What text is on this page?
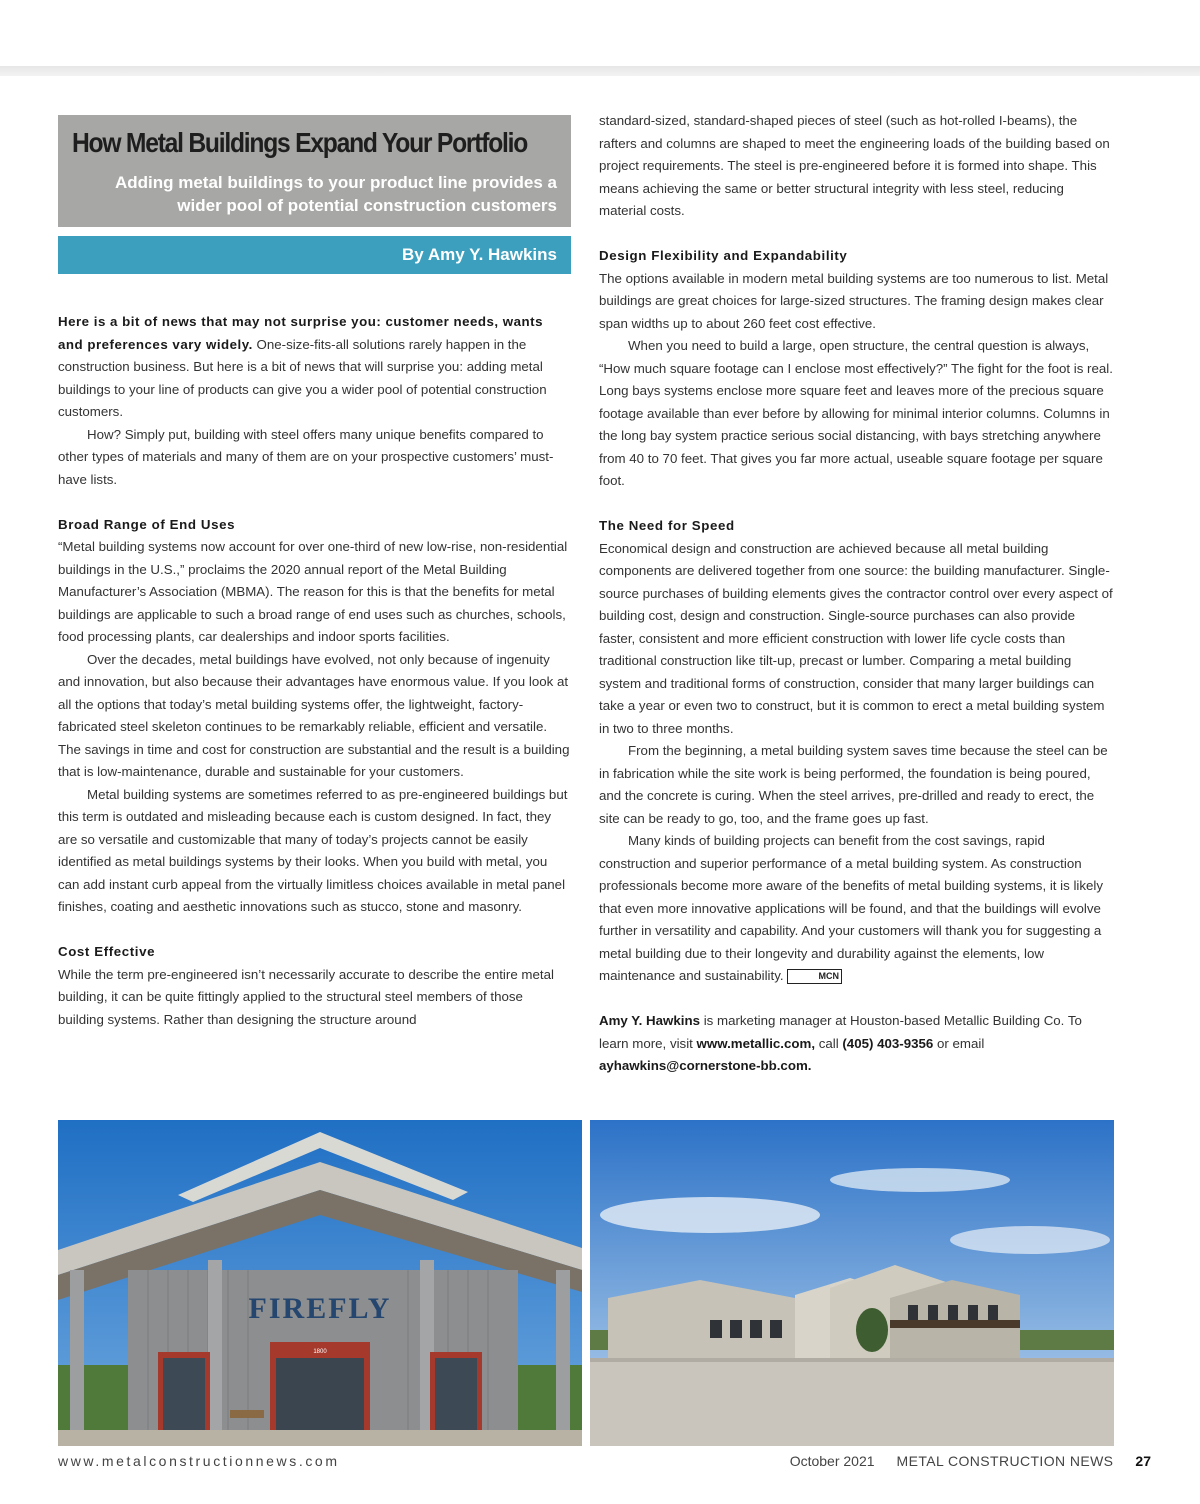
How Metal Buildings Expand Your Portfolio
Adding metal buildings to your product line provides a
wider pool of potential construction customers
By Amy Y. Hawkins

Here is a bit of news that may not surprise you: customer needs, wants and preferences vary widely. One-size-fits-all solutions rarely happen in the construction business. But here is a bit of news that will surprise you: adding metal buildings to your line of products can give you a wider pool of potential construction customers.

How? Simply put, building with steel offers many unique benefits compared to other types of materials and many of them are on your prospective customers’ must-have lists.

Broad Range of End Uses

“Metal building systems now account for over one-third of new low-rise, non-residential buildings in the U.S.,” proclaims the 2020 annual report of the Metal Building Manufacturer’s Association (MBMA). The reason for this is that the benefits for metal buildings are applicable to such a broad range of end uses such as churches, schools, food processing plants, car dealerships and indoor sports facilities.

Over the decades, metal buildings have evolved, not only because of ingenuity and innovation, but also because their advantages have enormous value. If you look at all the options that today’s metal building systems offer, the lightweight, factory-fabricated steel skeleton continues to be remarkably reliable, efficient and versatile. The savings in time and cost for construction are substantial and the result is a building that is low-maintenance, durable and sustainable for your customers.

Metal building systems are sometimes referred to as pre-engineered buildings but this term is outdated and misleading because each is custom designed. In fact, they are so versatile and customizable that many of today’s projects cannot be easily identified as metal buildings systems by their looks. When you build with metal, you can add instant curb appeal from the virtually limitless choices available in metal panel finishes, coating and aesthetic innovations such as stucco, stone and masonry.

Cost Effective

While the term pre-engineered isn’t necessarily accurate to describe the entire metal building, it can be quite fittingly applied to the structural steel members of those building systems. Rather than designing the structure around

standard-sized, standard-shaped pieces of steel (such as hot-rolled I-beams), the rafters and columns are shaped to meet the engineering loads of the building based on project requirements. The steel is pre-engineered before it is formed into shape. This means achieving the same or better structural integrity with less steel, reducing material costs.

Design Flexibility and Expandability

The options available in modern metal building systems are too numerous to list. Metal buildings are great choices for large-sized structures. The framing design makes clear span widths up to about 260 feet cost effective.

When you need to build a large, open structure, the central question is always, “How much square footage can I enclose most effectively?” The fight for the foot is real. Long bays systems enclose more square feet and leaves more of the precious square footage available than ever before by allowing for minimal interior columns. Columns in the long bay system practice serious social distancing, with bays stretching anywhere from 40 to 70 feet. That gives you far more actual, useable square footage per square foot.

The Need for Speed

Economical design and construction are achieved because all metal building components are delivered together from one source: the building manufacturer. Single-source purchases of building elements gives the contractor control over every aspect of building cost, design and construction. Single-source purchases can also provide faster, consistent and more efficient construction with lower life cycle costs than traditional construction like tilt-up, precast or lumber. Comparing a metal building system and traditional forms of construction, consider that many larger buildings can take a year or even two to construct, but it is common to erect a metal building system in two to three months.

From the beginning, a metal building system saves time because the steel can be in fabrication while the site work is being performed, the foundation is being poured, and the concrete is curing. When the steel arrives, pre-drilled and ready to erect, the site can be ready to go, too, and the frame goes up fast.

Many kinds of building projects can benefit from the cost savings, rapid construction and superior performance of a metal building system. As construction professionals become more aware of the benefits of metal building systems, it is likely that even more innovative applications will be found, and that the buildings will evolve further in versatility and capability. And your customers will thank you for suggesting a metal building due to their longevity and durability against the elements, low maintenance and sustainability.	MCN

Amy Y. Hawkins is marketing manager at Houston-based Metallic Building Co. To learn more, visit www.metallic.com, call (405) 403-9356 or email ayhawkins@cornerstone-bb.com.

FIREFLY
1800
www.metalconstructionnews.com	October 2021 METAL CONSTRUCTION NEWS 27
